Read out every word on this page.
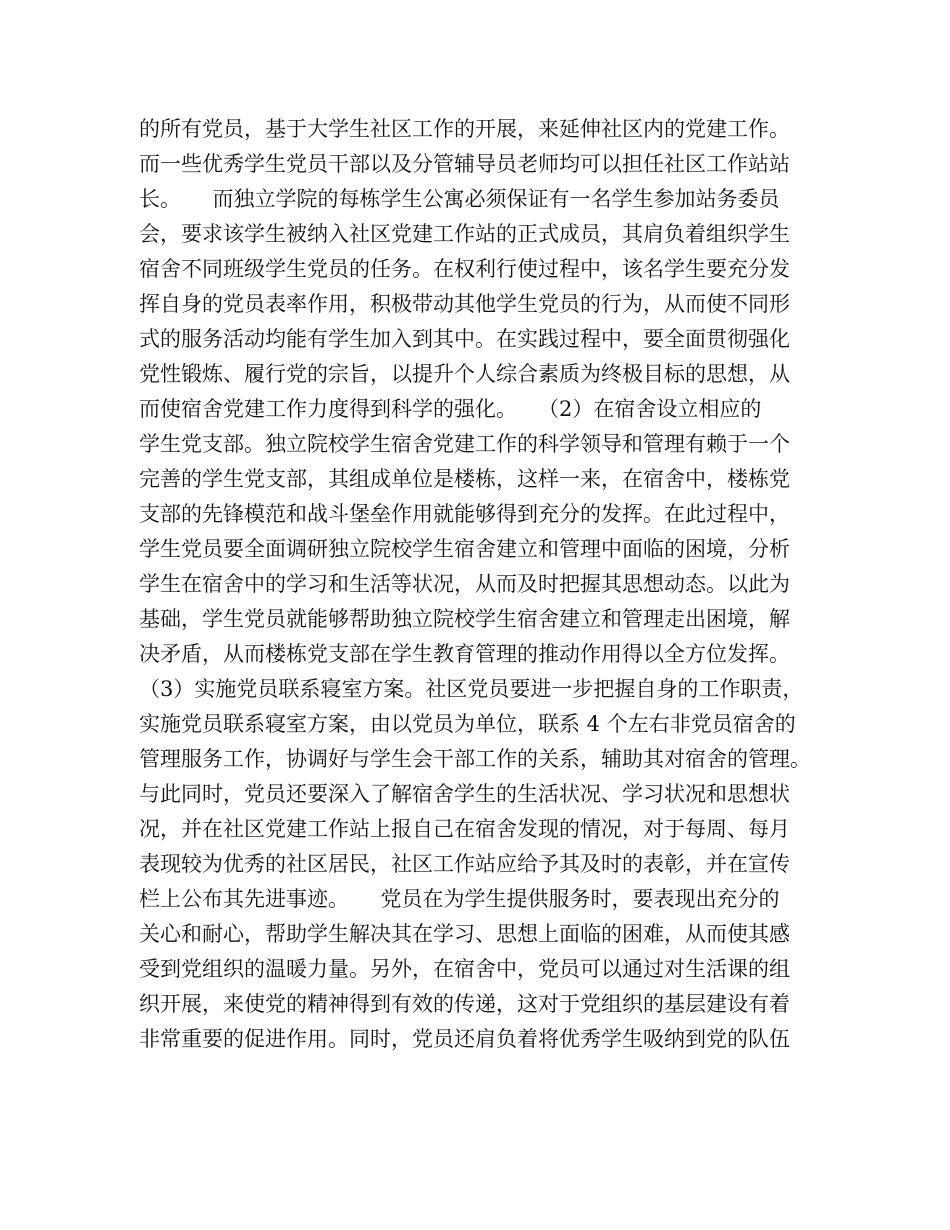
的所有党员，基于大学生社区工作的开展，来延伸社区内的党建工作。
而一些优秀学生党员干部以及分管辅导员老师均可以担任社区工作站站
长。　　而独立学院的每栋学生公寓必须保证有一名学生参加站务委员
会，要求该学生被纳入社区党建工作站的正式成员，其肩负着组织学生
宿舍不同班级学生党员的任务。在权利行使过程中，该名学生要充分发
挥自身的党员表率作用，积极带动其他学生党员的行为，从而使不同形
式的服务活动均能有学生加入到其中。在实践过程中，要全面贯彻强化
党性锻炼、履行党的宗旨，以提升个人综合素质为终极目标的思想，从
而使宿舍党建工作力度得到科学的强化。　　（2）在宿舍设立相应的
学生党支部。独立院校学生宿舍党建工作的科学领导和管理有赖于一个
完善的学生党支部，其组成单位是楼栋，这样一来，在宿舍中，楼栋党
支部的先锋模范和战斗堡垒作用就能够得到充分的发挥。在此过程中，
学生党员要全面调研独立院校学生宿舍建立和管理中面临的困境，分析
学生在宿舍中的学习和生活等状况，从而及时把握其思想动态。以此为
基础，学生党员就能够帮助独立院校学生宿舍建立和管理走出困境，解
决矛盾，从而楼栋党支部在学生教育管理的推动作用得以全方位发挥。
（3）实施党员联系寝室方案。社区党员要进一步把握自身的工作职责，
实施党员联系寝室方案，由以党员为单位，联系 4 个左右非党员宿舍的
管理服务工作，协调好与学生会干部工作的关系，辅助其对宿舍的管理。
与此同时，党员还要深入了解宿舍学生的生活状况、学习状况和思想状
况，并在社区党建工作站上报自己在宿舍发现的情况，对于每周、每月
表现较为优秀的社区居民，社区工作站应给予其及时的表彰，并在宣传
栏上公布其先进事迹。　　党员在为学生提供服务时，要表现出充分的
关心和耐心，帮助学生解决其在学习、思想上面临的困难，从而使其感
受到党组织的温暖力量。另外，在宿舍中，党员可以通过对生活课的组
织开展，来使党的精神得到有效的传递，这对于党组织的基层建设有着
非常重要的促进作用。同时，党员还肩负着将优秀学生吸纳到党的队伍
